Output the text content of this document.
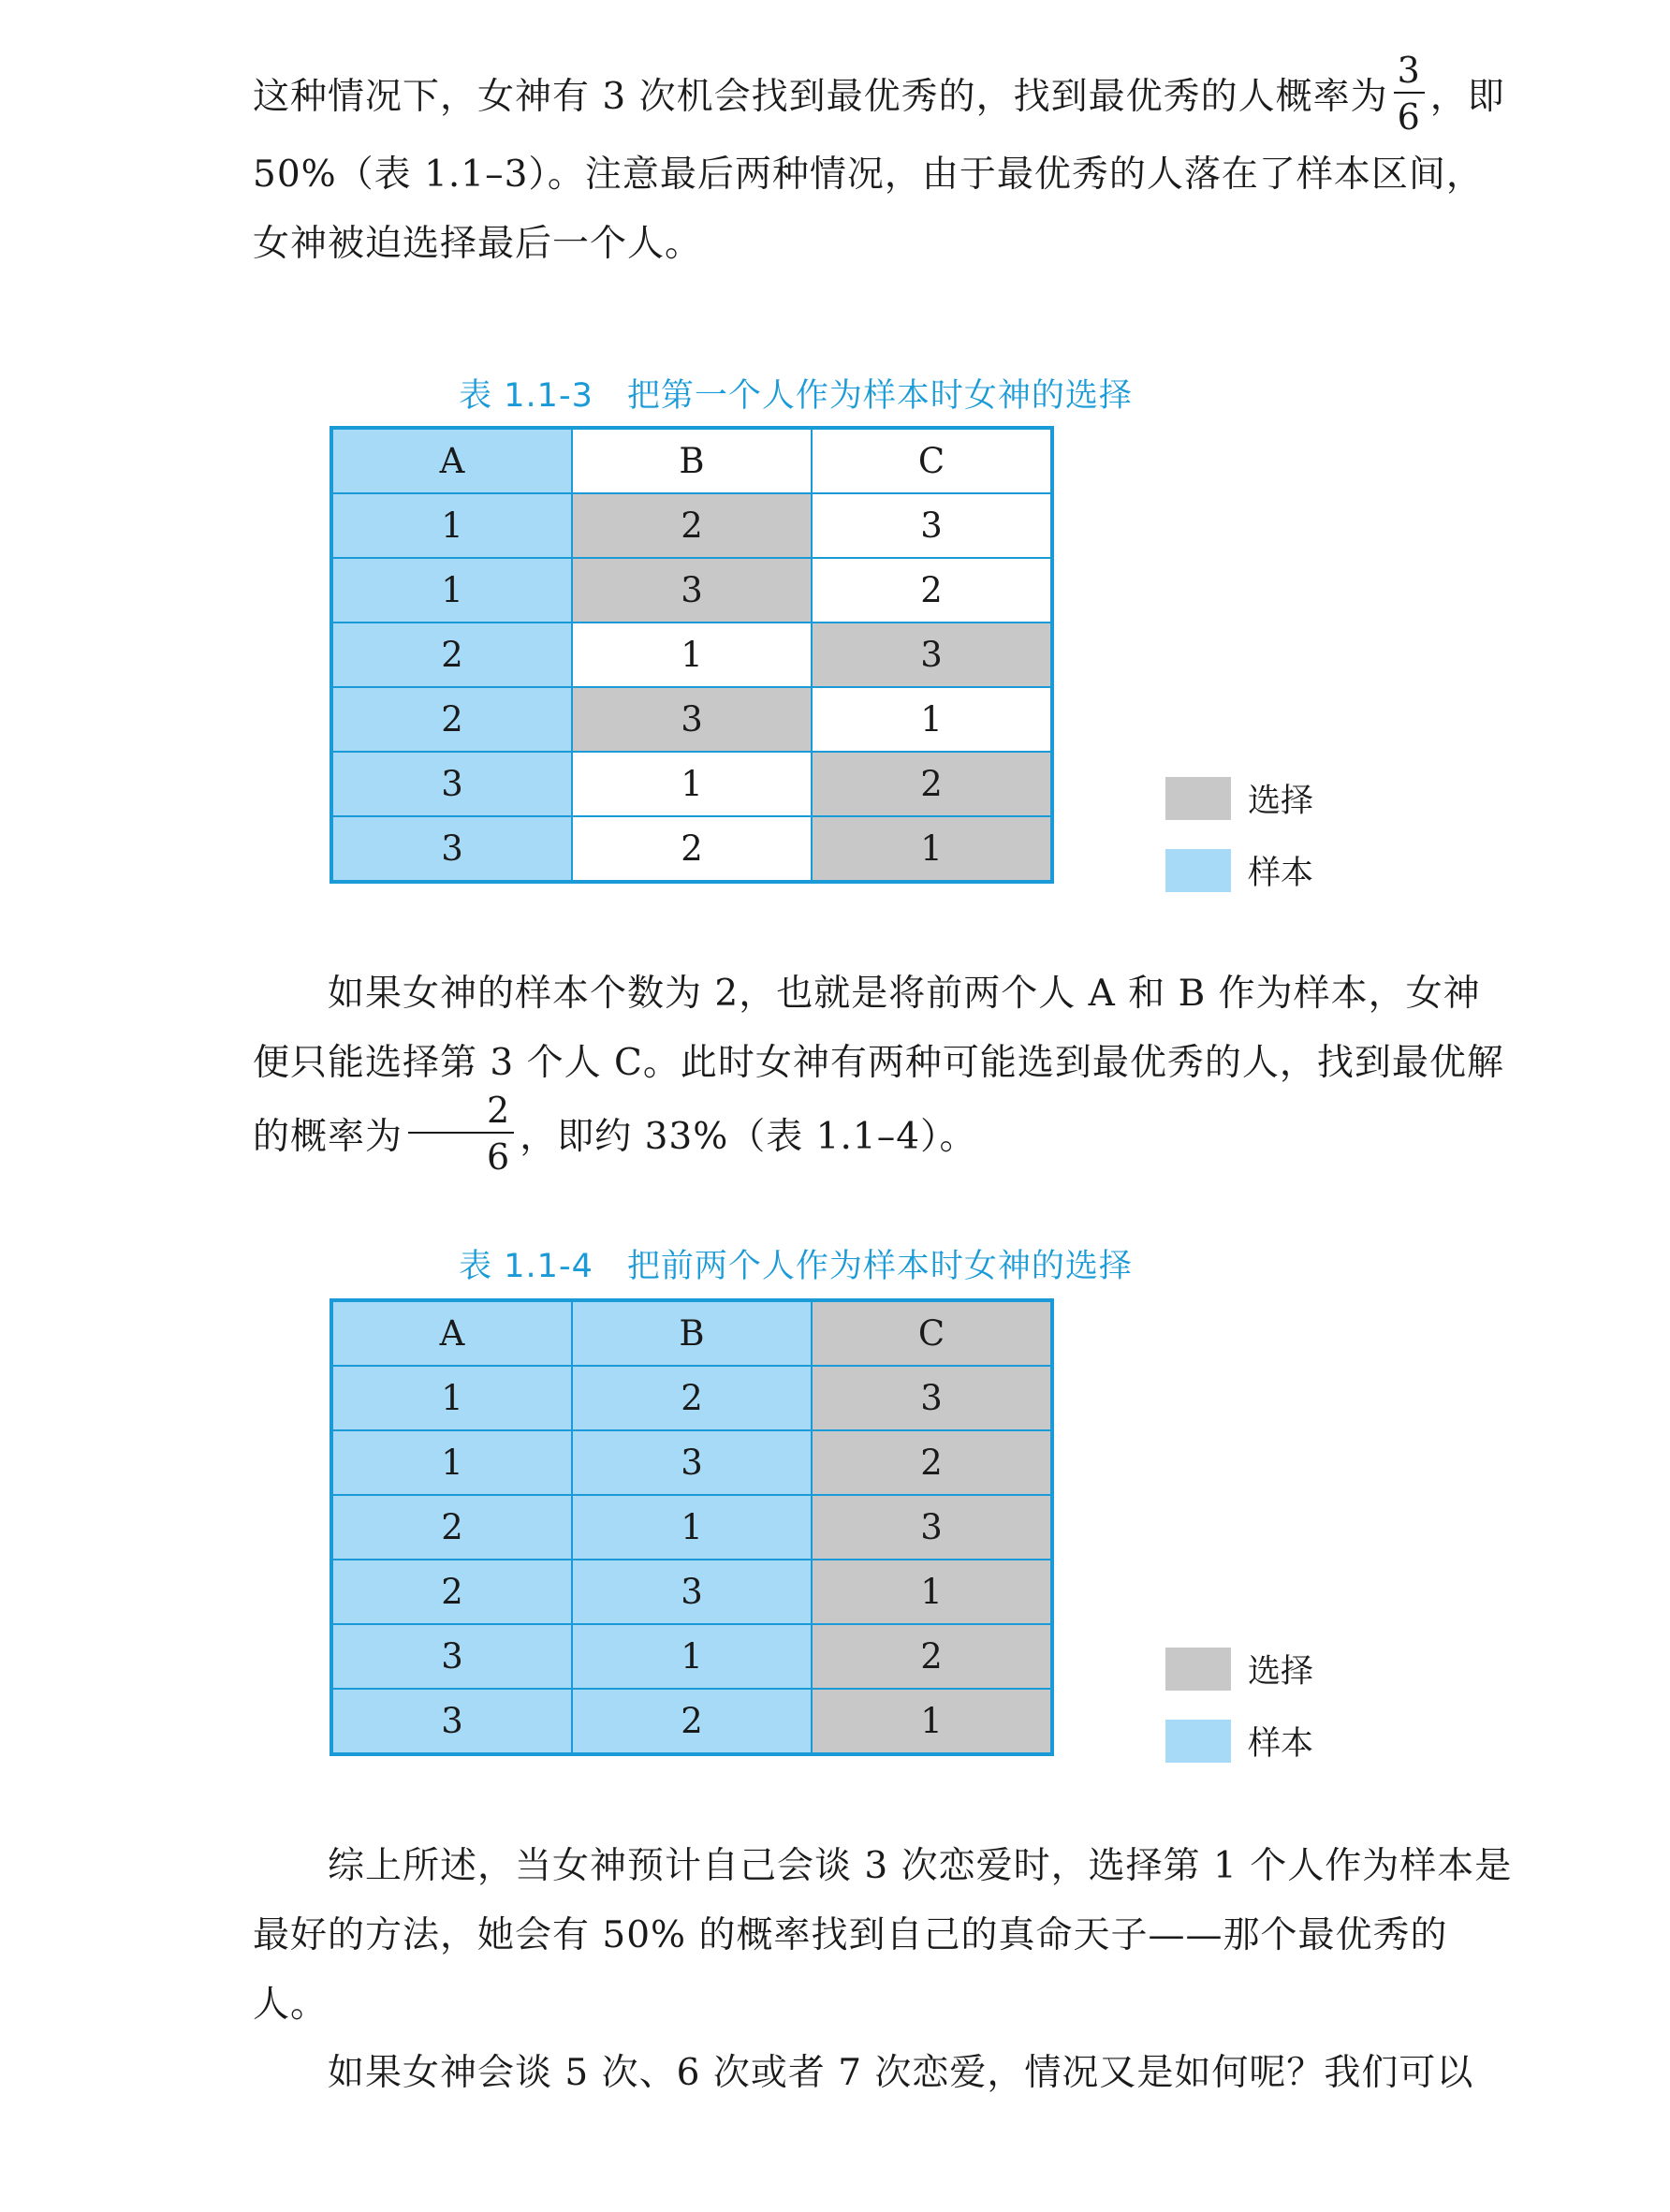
这种情况下，女神有 3 次机会找到最优秀的，找到最优秀的人概率为 $\frac{3}{6}$ ，即 50%（表 1.1–3）。注意最后两种情况，由于最优秀的人落在了样本区间，女神被迫选择最后一个人。

表 1.1-3　把第一个人作为样本时女神的选择

A	B	C
1	2	3
1	3	2
2	1	3
2	3	1
3	1	2
3	2	1
选择
样本

如果女神的样本个数为 2，也就是将前两个人 A 和 B 作为样本，女神便只能选择第 3 个人 C。此时女神有两种可能选到最优秀的人，找到最优解的概率为 $\frac{2}{6}$ ，即约 33%（表 1.1–4）。

表 1.1-4　把前两个人作为样本时女神的选择

A	B	C
1	2	3
1	3	2
2	1	3
2	3	1
3	1	2
3	2	1
选择
样本

综上所述，当女神预计自己会谈 3 次恋爱时，选择第 1 个人作为样本是最好的方法，她会有 50% 的概率找到自己的真命天子——那个最优秀的人。

如果女神会谈 5 次、6 次或者 7 次恋爱，情况又是如何呢？我们可以
